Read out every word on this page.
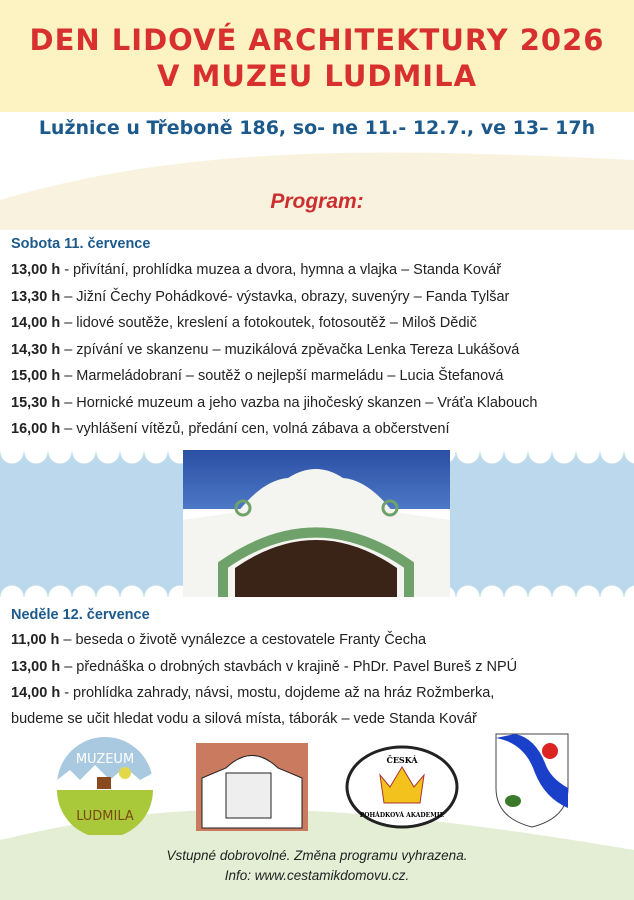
DEN LIDOVÉ ARCHITEKTURY 2026
V MUZEU LUDMILA
Lužnice u Třeboně 186, so- ne 11.- 12.7., ve 13– 17h
Program:
Sobota 11. července
13,00 h - přivítání, prohlídka muzea a dvora, hymna a vlajka – Standa Kovář
13,30 h – Jižní Čechy Pohádkové- výstavka, obrazy, suvenýry – Fanda Tylšar
14,00 h – lidové soutěže, kreslení a fotokoutek, fotosoutěž – Miloš Dědič
14,30 h – zpívání ve skanzenu – muzikálová zpěvačka Lenka Tereza Lukášová
15,00 h – Marmeládobraní – soutěž o nejlepší marmeládu – Lucia Štefanová
15,30 h – Hornické muzeum a jeho vazba na jihočeský skanzen – Vráťa Klabouch
16,00 h – vyhlášení vítězů, předání cen, volná zábava a občerstvení
Neděle 12. července
11,00 h – beseda o životě vynálezce a cestovatele Franty Čecha
13,00 h – přednáška o drobných stavbách v krajině - PhDr. Pavel Bureš z NPÚ
14,00 h - prohlídka zahrady, návsi, mostu, dojdeme až na hráz Rožmberka,
budeme se učit hledat vodu a silová místa, táborák – vede Standa Kovář
MUZEUM
LUDMILA
ČESKÁ
POHÁDKOVÁ AKADEMIE
Vstupné dobrovolné. Změna programu vyhrazena.
Info: www.cestamikdomovu.cz.
